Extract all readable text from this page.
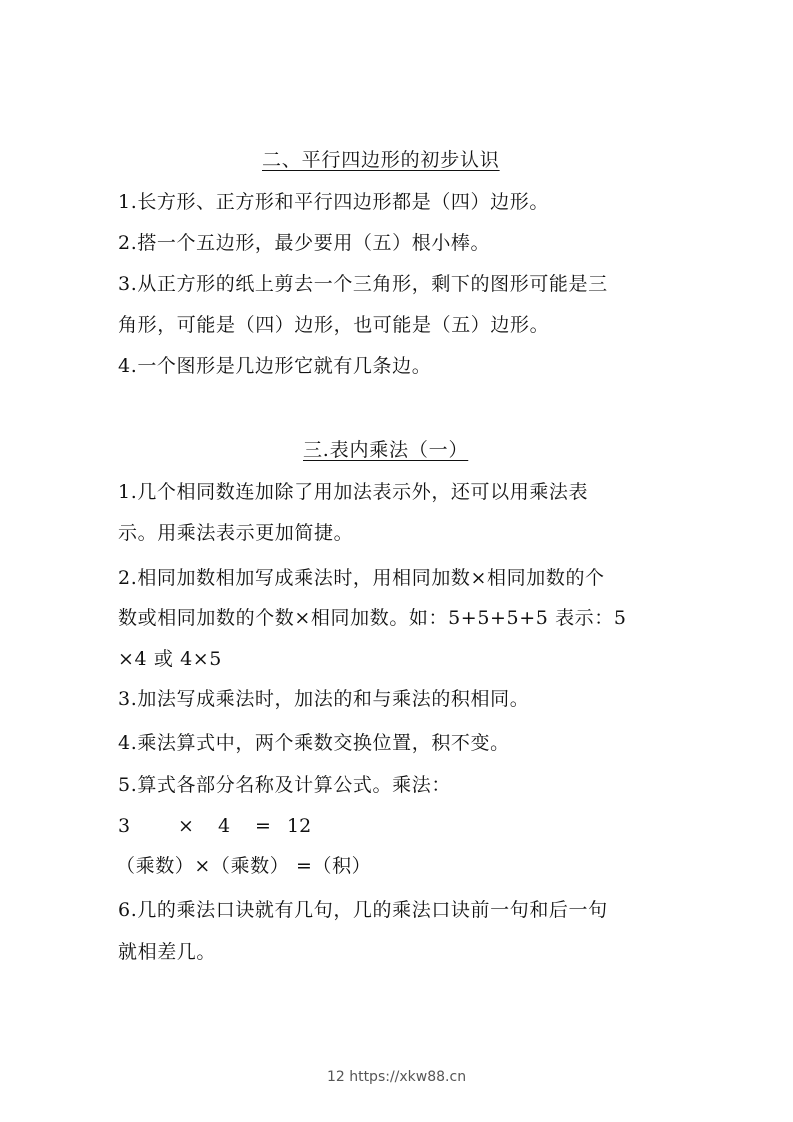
二、平行四边形的初步认识
1.长方形、正方形和平行四边形都是（四）边形。
2.搭一个五边形，最少要用（五）根小棒。
3.从正方形的纸上剪去一个三角形，剩下的图形可能是三
角形，可能是（四）边形，也可能是（五）边形。
4.一个图形是几边形它就有几条边。
三.表内乘法（一）
1.几个相同数连加除了用加法表示外，还可以用乘法表
示。用乘法表示更加简捷。
2.相同加数相加写成乘法时，用相同加数×相同加数的个
数或相同加数的个数×相同加数。如：5+5+5+5 表示：5
×4 或 4×5
3.加法写成乘法时，加法的和与乘法的积相同。
4.乘法算式中，两个乘数交换位置，积不变。
5.算式各部分名称及计算公式。乘法：
3	× 4 = 12
（乘数）×（乘数） =（积）
6.几的乘法口诀就有几句，几的乘法口诀前一句和后一句
就相差几。
12 https://xkw88.cn
